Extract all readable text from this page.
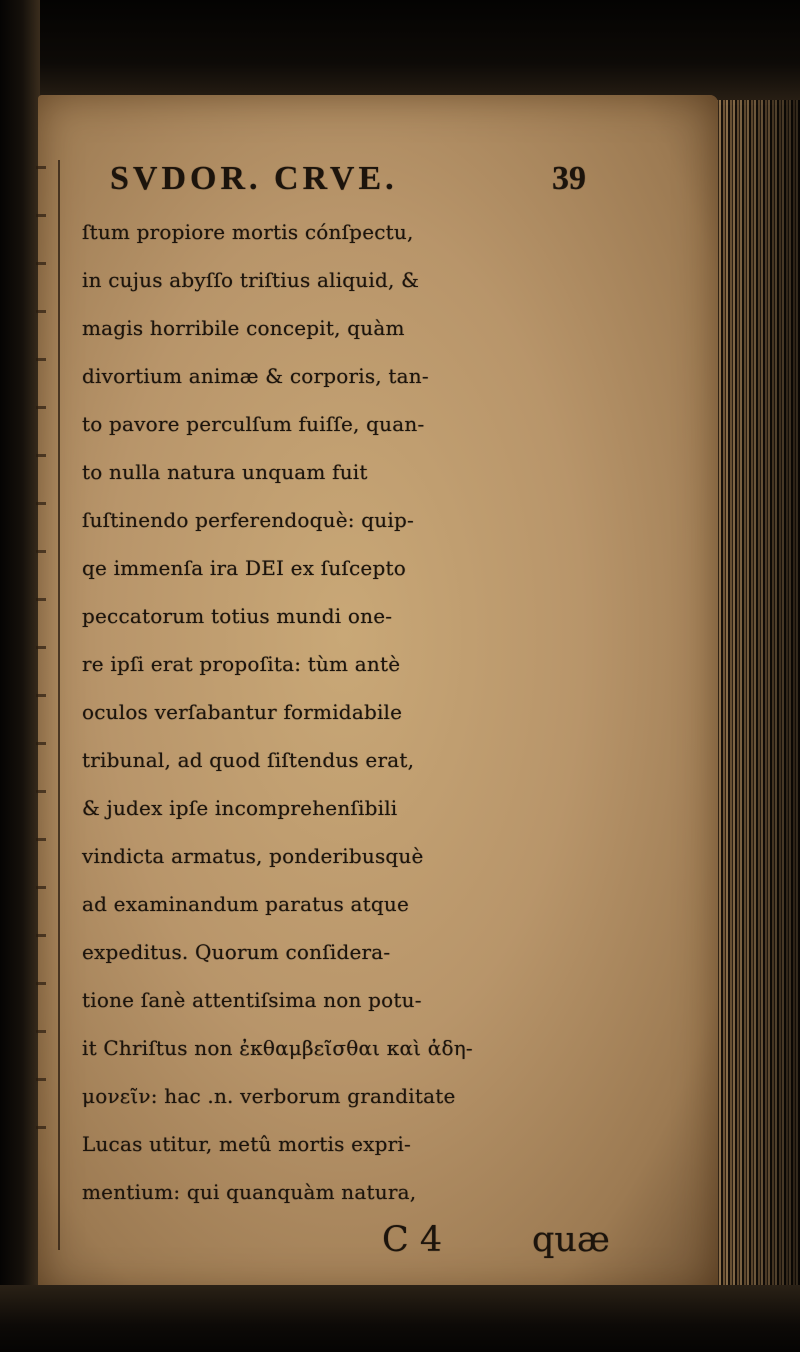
SVDOR. CRVE.	39
ſtum propiore mortis cónſpectu,
in cujus abyſſo triſtius aliquid, &
magis horribile concepit, quàm
divortium animæ & corporis, tan-
to pavore perculſum fuiſſe, quan-
to nulla natura unquam fuit
ſuſtinendo perferendoquè: quip-
qe immenſa ira DEI ex ſuſcepto
peccatorum totius mundi one-
re ipſi erat propoſita: tùm antè
oculos verſabantur formidabile
tribunal, ad quod ſiſtendus erat,
& judex ipſe incomprehenſibili
vindicta armatus, ponderibusquè
ad examinandum paratus atque
expeditus. Quorum conſidera-
tione ſanè attentiſsima non potu-
it Chriſtus non ἐκθαμβεῖσθαι καὶ ἀδη-
μονεῖν: hac .n. verborum granditate
Lucas utitur, metû mortis expri-
mentium: qui quanquàm natura,
C 4	quæ
